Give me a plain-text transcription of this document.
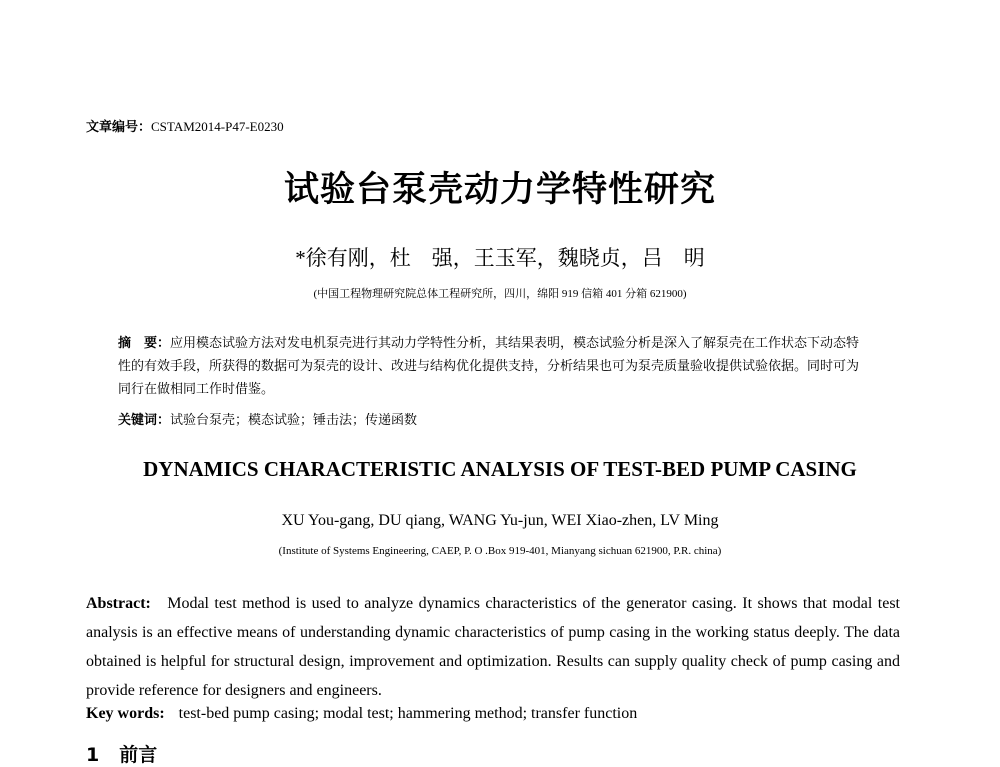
文章编号：CSTAM2014-P47-E0230
试验台泵壳动力学特性研究
*徐有刚，杜　强，王玉军，魏晓贞，吕　明
(中国工程物理研究院总体工程研究所，四川，绵阳 919 信箱 401 分箱 621900)
摘　要：应用模态试验方法对发电机泵壳进行其动力学特性分析，其结果表明，模态试验分析是深入了解泵壳在工作状态下动态特性的有效手段，所获得的数据可为泵壳的设计、改进与结构优化提供支持，分析结果也可为泵壳质量验收提供试验依据。同时可为同行在做相同工作时借鉴。
关键词：试验台泵壳；模态试验；锤击法；传递函数
DYNAMICS CHARACTERISTIC ANALYSIS OF TEST-BED PUMP CASING
XU You-gang, DU qiang, WANG Yu-jun, WEI Xiao-zhen, LV Ming
(Institute of Systems Engineering, CAEP, P. O .Box 919-401, Mianyang sichuan 621900, P.R. china)
Abstract: Modal test method is used to analyze dynamics characteristics of the generator casing. It shows that modal test analysis is an effective means of understanding dynamic characteristics of pump casing in the working status deeply. The data obtained is helpful for structural design, improvement and optimization. Results can supply quality check of pump casing and provide reference for designers and engineers.
Key words: test-bed pump casing; modal test; hammering method; transfer function
1 前言
